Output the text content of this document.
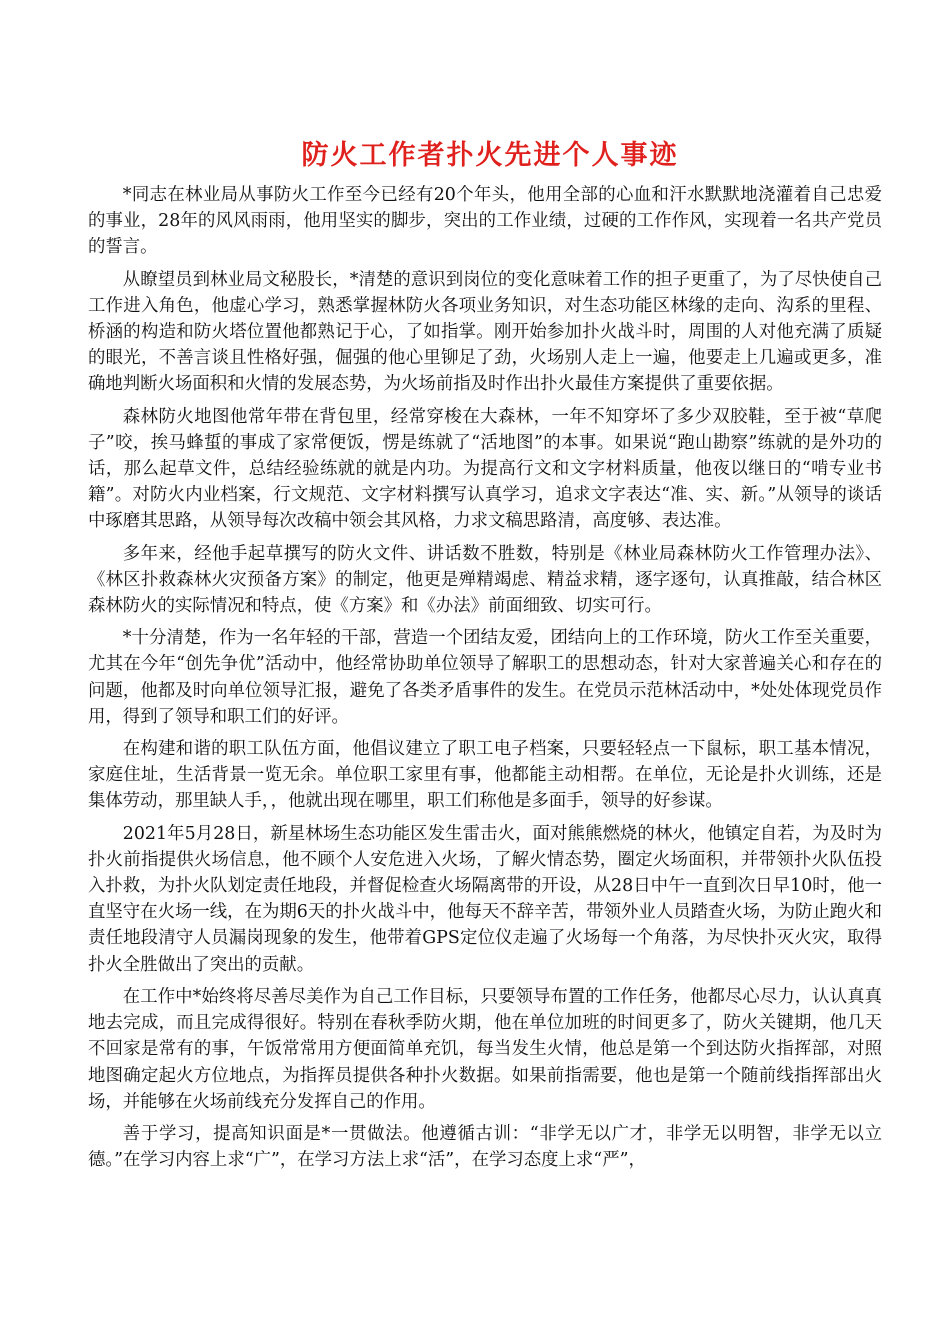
防火工作者扑火先进个人事迹

*同志在林业局从事防火工作至今已经有20个年头，他用全部的心血和汗水默默地浇灌着自己忠爱的事业，28年的风风雨雨，他用坚实的脚步，突出的工作业绩，过硬的工作作风，实现着一名共产党员的誓言。

从瞭望员到林业局文秘股长，*清楚的意识到岗位的变化意味着工作的担子更重了，为了尽快使自己工作进入角色，他虚心学习，熟悉掌握林防火各项业务知识，对生态功能区林缘的走向、沟系的里程、桥涵的构造和防火塔位置他都熟记于心，了如指掌。刚开始参加扑火战斗时，周围的人对他充满了质疑的眼光，不善言谈且性格好强，倔强的他心里铆足了劲，火场别人走上一遍，他要走上几遍或更多，准确地判断火场面积和火情的发展态势，为火场前指及时作出扑火最佳方案提供了重要依据。

森林防火地图他常年带在背包里，经常穿梭在大森林，一年不知穿坏了多少双胶鞋，至于被“草爬子”咬，挨马蜂蜇的事成了家常便饭，愣是练就了“活地图”的本事。如果说“跑山勘察”练就的是外功的话，那么起草文件，总结经验练就的就是内功。为提高行文和文字材料质量，他夜以继日的“啃专业书籍”。对防火内业档案，行文规范、文字材料撰写认真学习，追求文字表达“准、实、新。”从领导的谈话中琢磨其思路，从领导每次改稿中领会其风格，力求文稿思路清，高度够、表达准。

多年来，经他手起草撰写的防火文件、讲话数不胜数，特别是《林业局森林防火工作管理办法》、《林区扑救森林火灾预备方案》的制定，他更是殚精竭虑、精益求精，逐字逐句，认真推敲，结合林区森林防火的实际情况和特点，使《方案》和《办法》前面细致、切实可行。

*十分清楚，作为一名年轻的干部，营造一个团结友爱，团结向上的工作环境，防火工作至关重要，尤其在今年“创先争优”活动中，他经常协助单位领导了解职工的思想动态，针对大家普遍关心和存在的问题，他都及时向单位领导汇报，避免了各类矛盾事件的发生。在党员示范林活动中，*处处体现党员作用，得到了领导和职工们的好评。

在构建和谐的职工队伍方面，他倡议建立了职工电子档案，只要轻轻点一下鼠标，职工基本情况，家庭住址，生活背景一览无余。单位职工家里有事，他都能主动相帮。在单位，无论是扑火训练，还是集体劳动，那里缺人手，，他就出现在哪里，职工们称他是多面手，领导的好参谋。

2021年5月28日，新星林场生态功能区发生雷击火，面对熊熊燃烧的林火，他镇定自若，为及时为扑火前指提供火场信息，他不顾个人安危进入火场，了解火情态势，圈定火场面积，并带领扑火队伍投入扑救，为扑火队划定责任地段，并督促检查火场隔离带的开设，从28日中午一直到次日早10时，他一直坚守在火场一线，在为期6天的扑火战斗中，他每天不辞辛苦，带领外业人员踏查火场，为防止跑火和责任地段清守人员漏岗现象的发生，他带着GPS定位仪走遍了火场每一个角落，为尽快扑灭火灾，取得扑火全胜做出了突出的贡献。

在工作中*始终将尽善尽美作为自己工作目标，只要领导布置的工作任务，他都尽心尽力，认认真真地去完成，而且完成得很好。特别在春秋季防火期，他在单位加班的时间更多了，防火关键期，他几天不回家是常有的事，午饭常常用方便面简单充饥，每当发生火情，他总是第一个到达防火指挥部，对照地图确定起火方位地点，为指挥员提供各种扑火数据。如果前指需要，他也是第一个随前线指挥部出火场，并能够在火场前线充分发挥自己的作用。

善于学习，提高知识面是*一贯做法。他遵循古训：“非学无以广才，非学无以明智，非学无以立德。”在学习内容上求“广”，在学习方法上求“活”，在学习态度上求“严”，
